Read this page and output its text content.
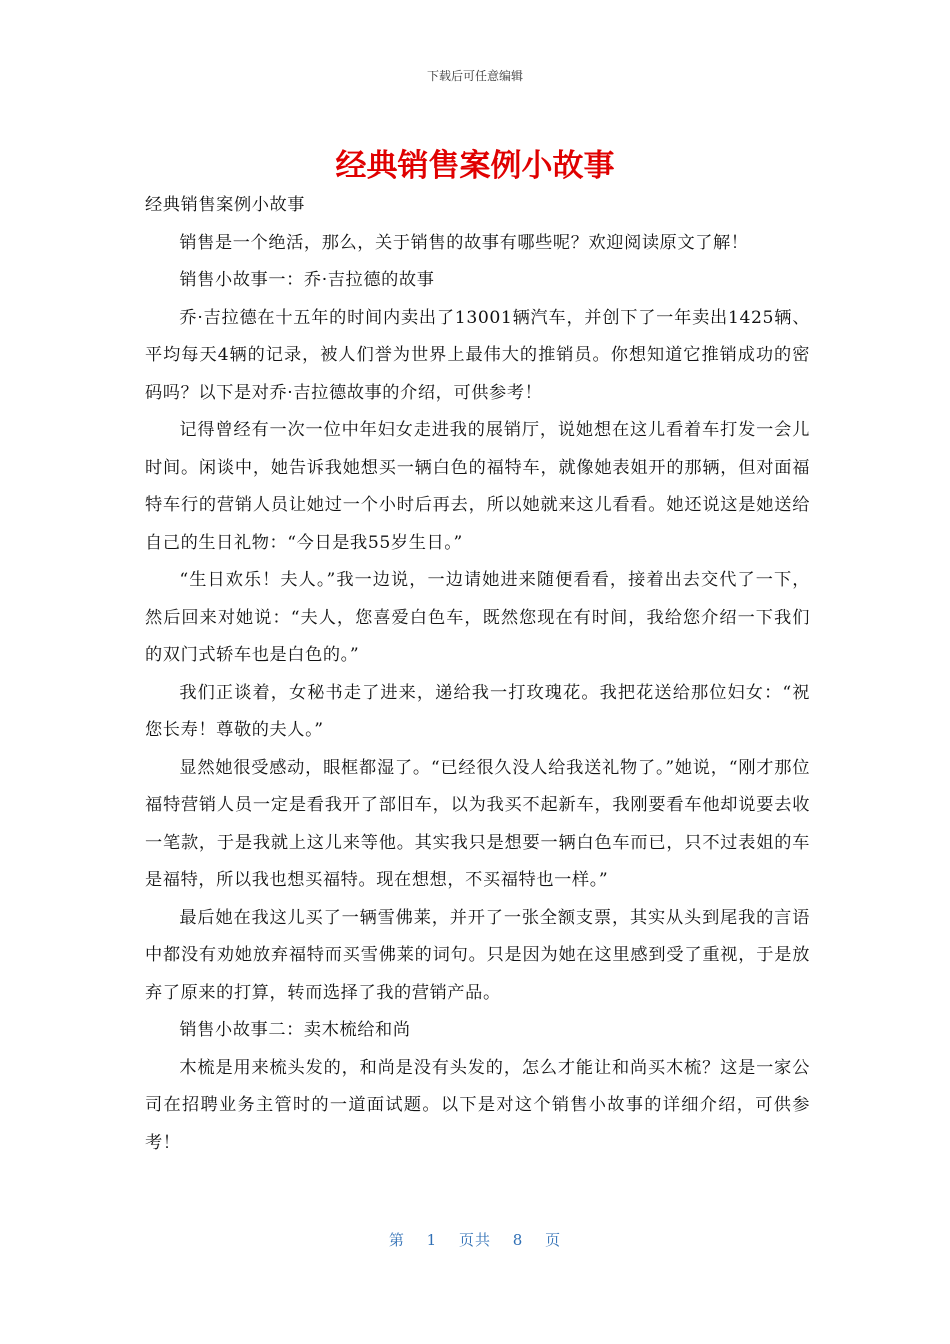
下载后可任意编辑
经典销售案例小故事

经典销售案例小故事

销售是一个绝活，那么，关于销售的故事有哪些呢？欢迎阅读原文了解！

销售小故事一：乔·吉拉德的故事

乔·吉拉德在十五年的时间内卖出了13001辆汽车，并创下了一年卖出1425辆、平均每天4辆的记录，被人们誉为世界上最伟大的推销员。你想知道它推销成功的密码吗？以下是对乔·吉拉德故事的介绍，可供参考！

记得曾经有一次一位中年妇女走进我的展销厅，说她想在这儿看着车打发一会儿时间。闲谈中，她告诉我她想买一辆白色的福特车，就像她表姐开的那辆，但对面福特车行的营销人员让她过一个小时后再去，所以她就来这儿看看。她还说这是她送给自己的生日礼物：“今日是我55岁生日。”

“生日欢乐！夫人。”我一边说，一边请她进来随便看看，接着出去交代了一下，然后回来对她说：“夫人，您喜爱白色车，既然您现在有时间，我给您介绍一下我们的双门式轿车也是白色的。”

我们正谈着，女秘书走了进来，递给我一打玫瑰花。我把花送给那位妇女：“祝您长寿！尊敬的夫人。”

显然她很受感动，眼框都湿了。“已经很久没人给我送礼物了。”她说，“刚才那位福特营销人员一定是看我开了部旧车，以为我买不起新车，我刚要看车他却说要去收一笔款，于是我就上这儿来等他。其实我只是想要一辆白色车而已，只不过表姐的车是福特，所以我也想买福特。现在想想，不买福特也一样。”

最后她在我这儿买了一辆雪佛莱，并开了一张全额支票，其实从头到尾我的言语中都没有劝她放弃福特而买雪佛莱的词句。只是因为她在这里感到受了重视，于是放弃了原来的打算，转而选择了我的营销产品。

销售小故事二：卖木梳给和尚

木梳是用来梳头发的，和尚是没有头发的，怎么才能让和尚买木梳？这是一家公司在招聘业务主管时的一道面试题。以下是对这个销售小故事的详细介绍，可供参考！

第 1 页共 8 页
